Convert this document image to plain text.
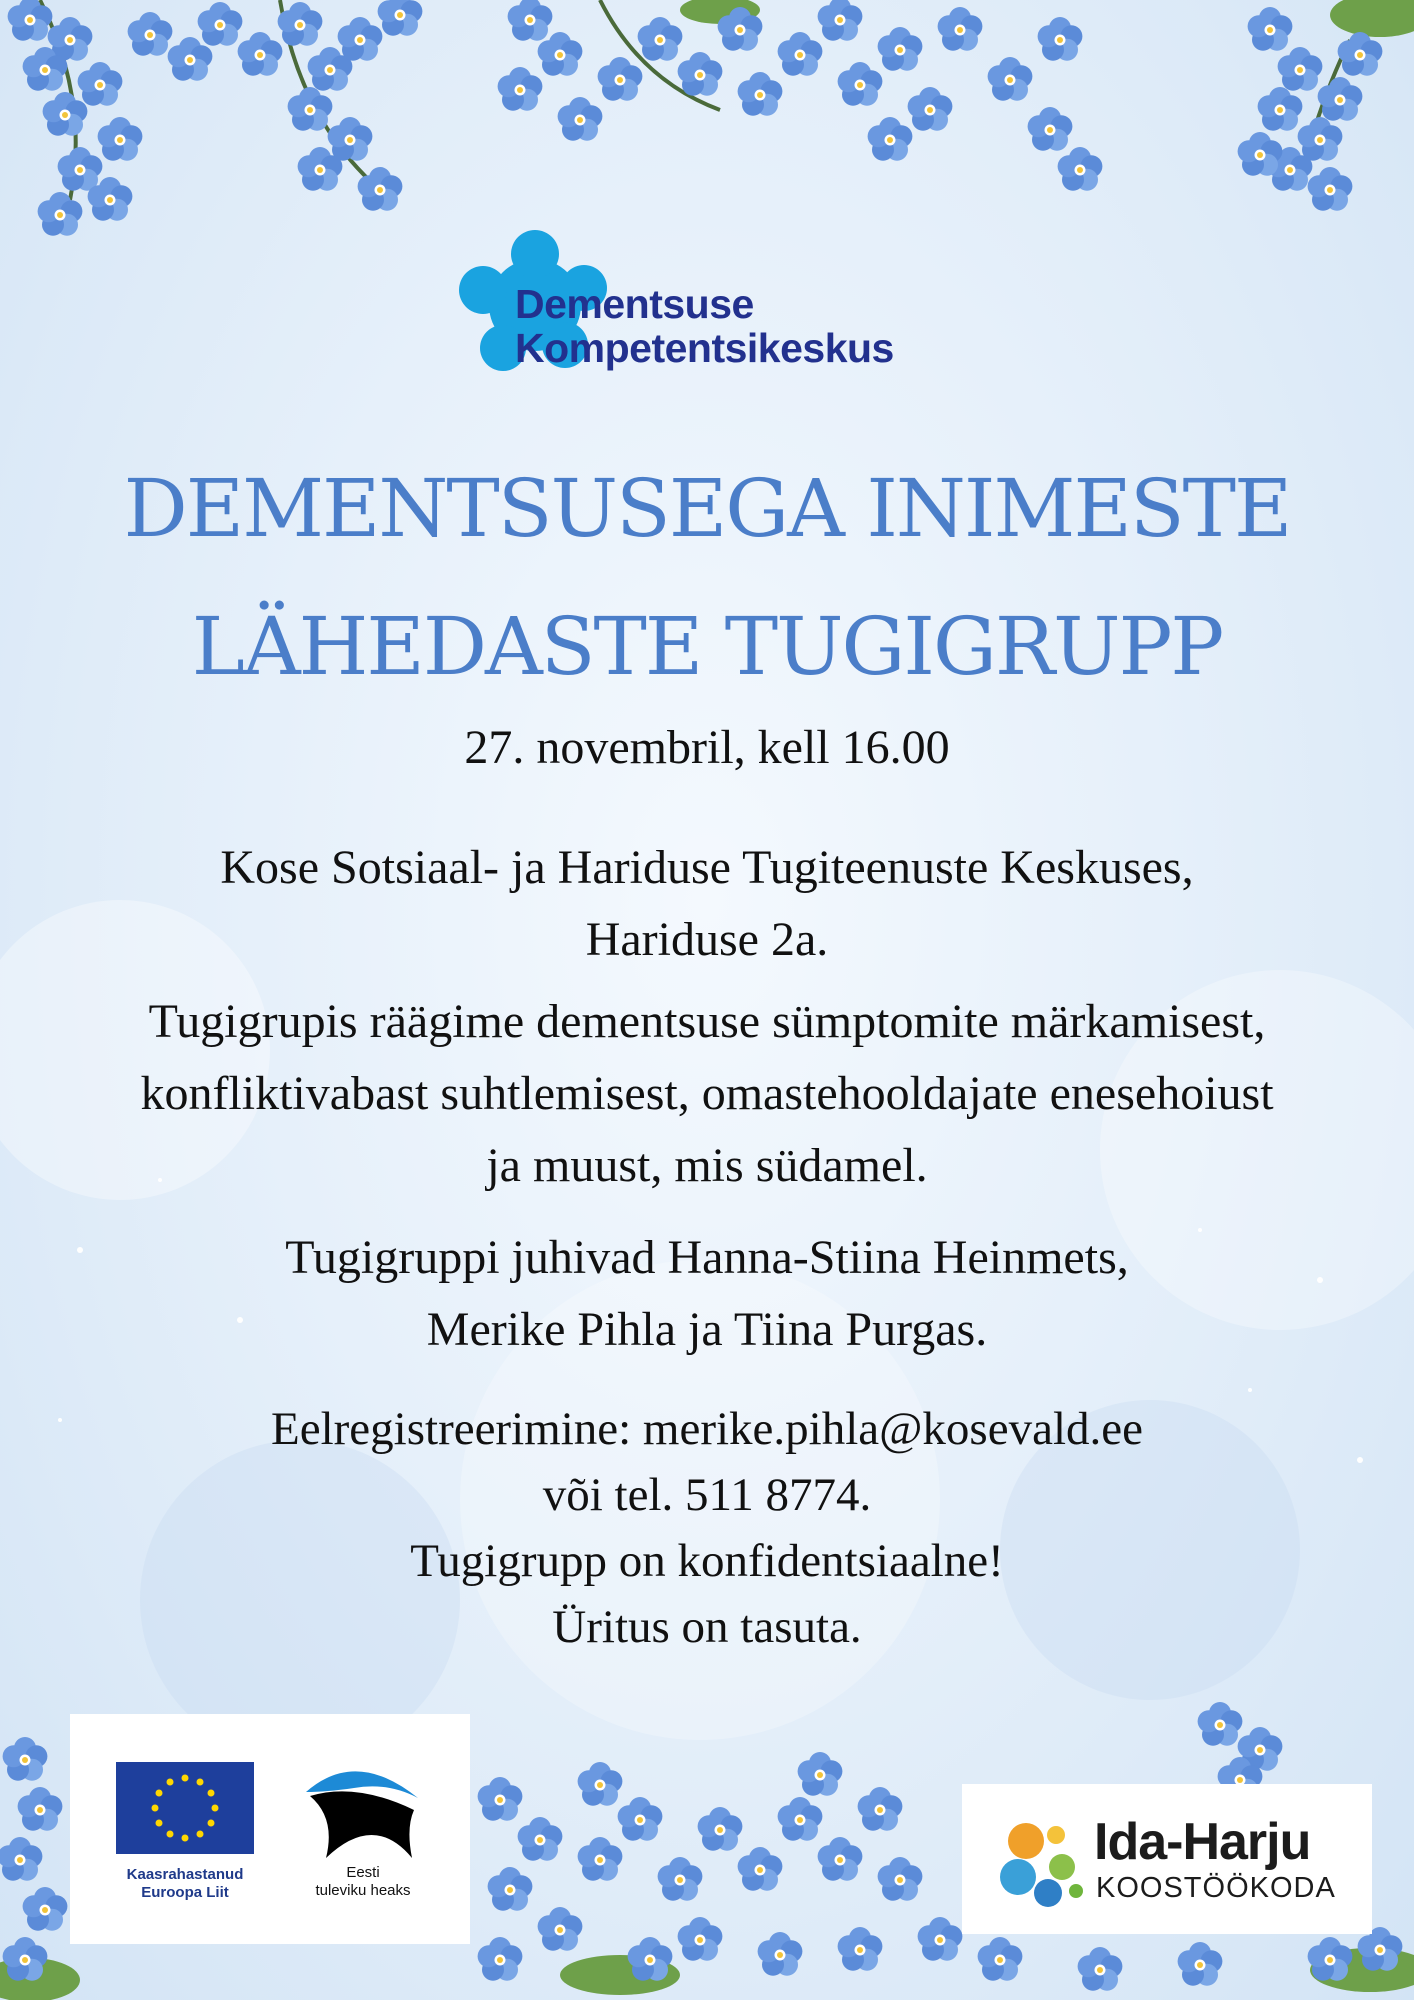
Dementsuse
Kompetentsikeskus
DEMENTSUSEGA INIMESTE
LÄHEDASTE TUGIGRUPP
27. novembril, kell 16.00
Kose Sotsiaal- ja Hariduse Tugiteenuste Keskuses,
Hariduse 2a.
Tugigrupis räägime dementsuse sümptomite märkamisest,
konfliktivabast suhtlemisest, omastehooldajate enesehoiust
ja muust, mis südamel.
Tugigruppi juhivad Hanna-Stiina Heinmets,
Merike Pihla ja Tiina Purgas.
Eelregistreerimine: merike.pihla@kosevald.ee
või tel. 511 8774.
Tugigrupp on konfidentsiaalne!
Üritus on tasuta.
Kaasrahastanud
Euroopa Liit
Eesti
tuleviku heaks
Ida-Harju
KOOSTÖÖKODA
